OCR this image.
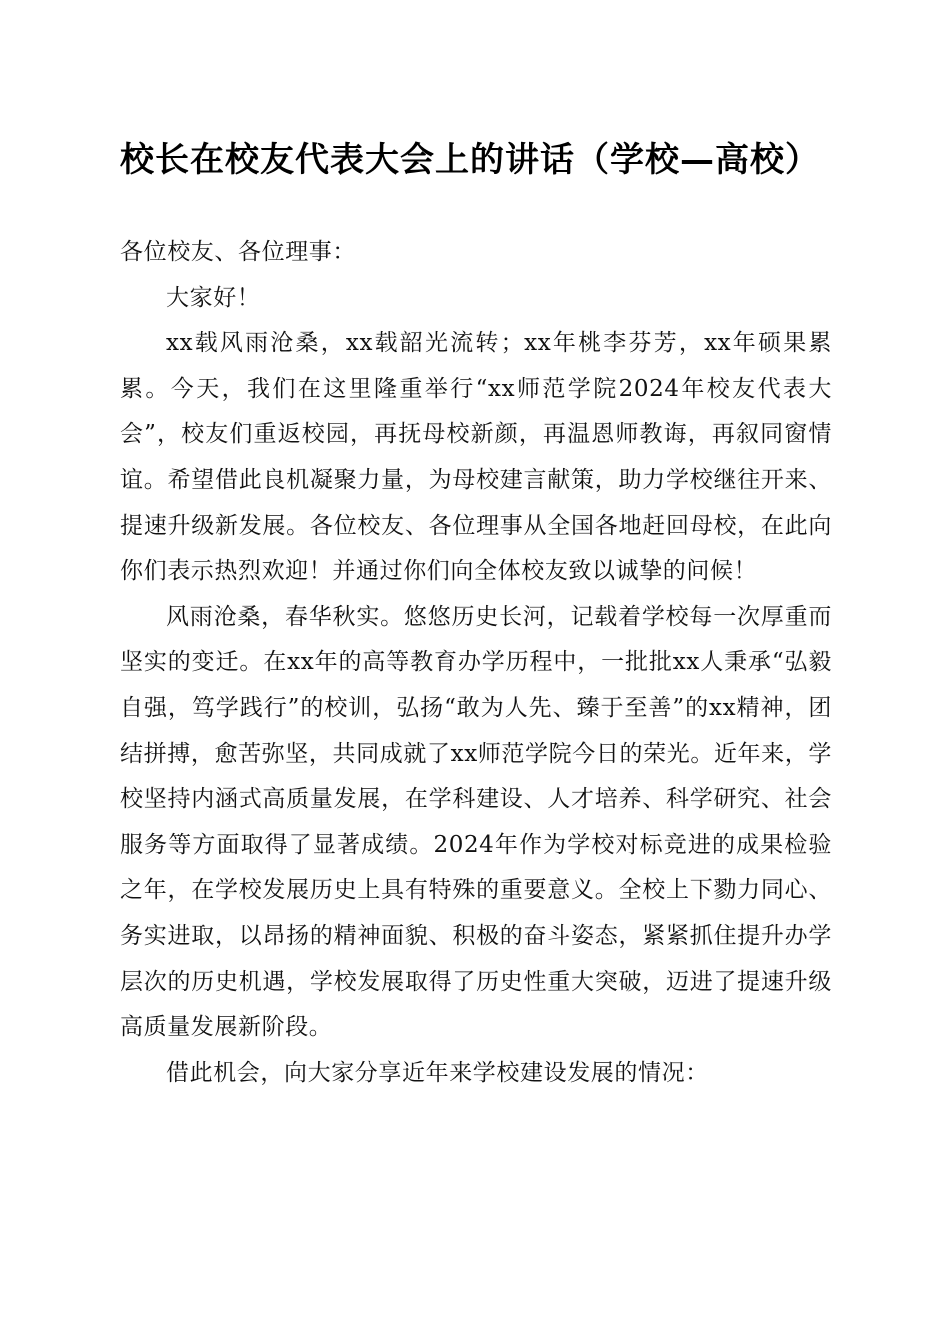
校长在校友代表大会上的讲话（学校—高校）

各位校友、各位理事：

大家好！

xx载风雨沧桑，xx载韶光流转；xx年桃李芬芳，xx年硕果累累。今天，我们在这里隆重举行“xx师范学院2024年校友代表大会”，校友们重返校园，再抚母校新颜，再温恩师教诲，再叙同窗情谊。希望借此良机凝聚力量，为母校建言献策，助力学校继往开来、提速升级新发展。各位校友、各位理事从全国各地赶回母校，在此向你们表示热烈欢迎！并通过你们向全体校友致以诚挚的问候！

风雨沧桑，春华秋实。悠悠历史长河，记载着学校每一次厚重而坚实的变迁。在xx年的高等教育办学历程中，一批批xx人秉承“弘毅自强，笃学践行”的校训，弘扬“敢为人先、臻于至善”的xx精神，团结拼搏，愈苦弥坚，共同成就了xx师范学院今日的荣光。近年来，学校坚持内涵式高质量发展，在学科建设、人才培养、科学研究、社会服务等方面取得了显著成绩。2024年作为学校对标竞进的成果检验之年，在学校发展历史上具有特殊的重要意义。全校上下勠力同心、务实进取，以昂扬的精神面貌、积极的奋斗姿态，紧紧抓住提升办学层次的历史机遇，学校发展取得了历史性重大突破，迈进了提速升级高质量发展新阶段。

借此机会，向大家分享近年来学校建设发展的情况：
